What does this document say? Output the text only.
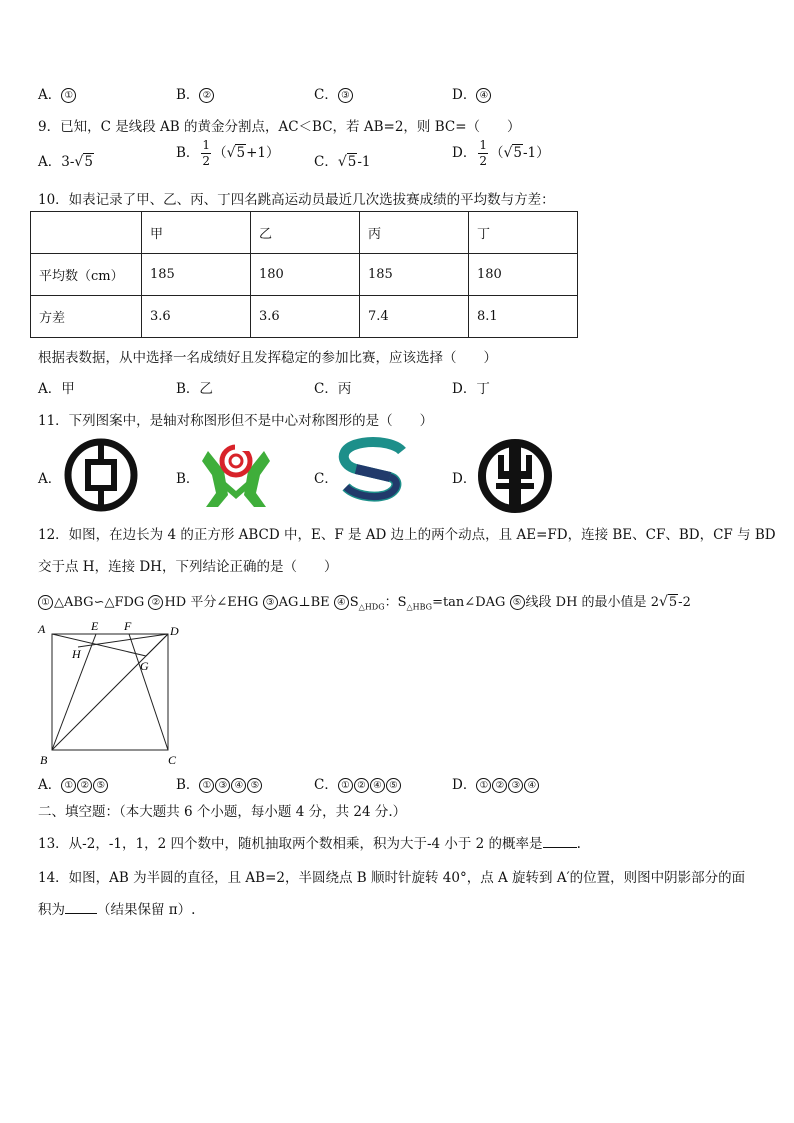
A． ①	B． ②	C． ③	D． ④
9．已知，C 是线段 AB 的黄金分割点，AC＜BC，若 AB=2，则 BC=（　　）
A．3-√5
B． $\frac{1}{2} (√5+1)$
C．√5-1
D． $\frac{1}{2} (√5-1)$
10．如表记录了甲、乙、丙、丁四名跳高运动员最近几次选拔赛成绩的平均数与方差：
	甲	乙	丙	丁
平均数（cm）	185	180	185	180
方差	3.6	3.6	7.4	8.1
根据表数据，从中选择一名成绩好且发挥稳定的参加比赛，应该选择（　　）
A．甲	B．乙	C．丙	D．丁
11．下列图案中，是轴对称图形但不是中心对称图形的是（　　）
A．	B．	C．	D．
12．如图，在边长为 4 的正方形 ABCD 中，E、F 是 AD 边上的两个动点，且 AE=FD，连接 BE、CF、BD，CF 与 BD
交于点 H，连接 DH，下列结论正确的是（　　）
① △ABG∽△FDG ② HD 平分∠EHG ③ AG⊥BE ④ $S_{\triangle HDG}$：$S_{\triangle HBG}=\tan\angle DAG$ ⑤ 线段 DH 的最小值是 2√5-2
A	E F	D
H
G
B	C
A． ① ② ⑤	B． ① ③ ④ ⑤	C． ① ② ④ ⑤	D． ① ② ③ ④
二、填空题：（本大题共 6 个小题，每小题 4 分，共 24 分.）
13．从-2，-1，1，2 四个数中，随机抽取两个数相乘，积为大于-4 小于 2 的概率是	.
14．如图，AB 为半圆的直径，且 AB=2，半圆绕点 B 顺时针旋转 40°，点 A 旋转到 A′的位置，则图中阴影部分的面
积为 （结果保留 π）.
